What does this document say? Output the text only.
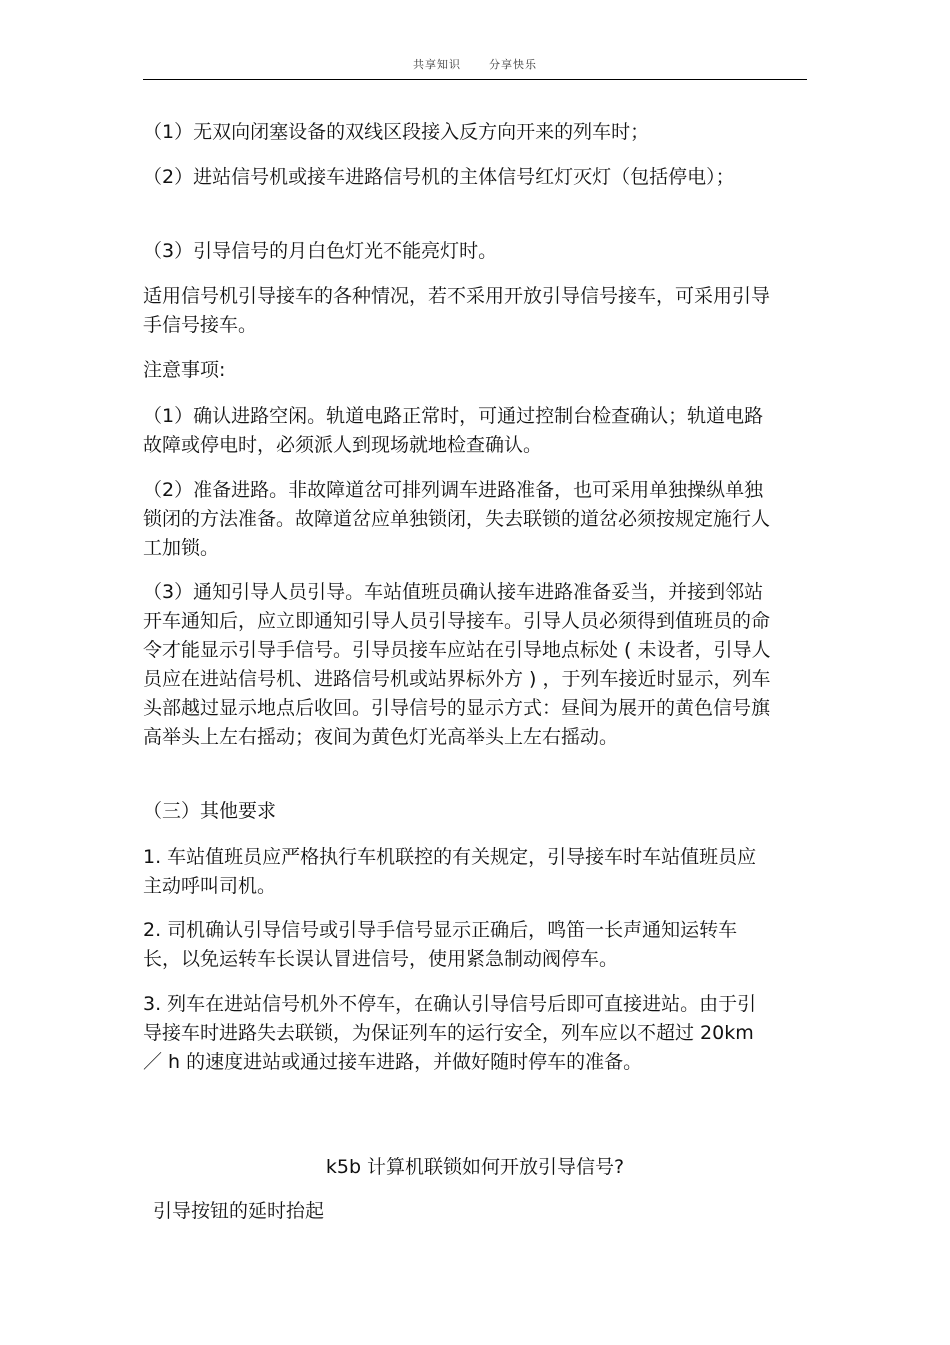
共享知识	分享快乐

（1）无双向闭塞设备的双线区段接入反方向开来的列车时；

（2）进站信号机或接车进路信号机的主体信号红灯灭灯（包括停电）；

（3）引导信号的月白色灯光不能亮灯时。

适用信号机引导接车的各种情况，若不采用开放引导信号接车，可采用引导手信号接车。

注意事项:

（1）确认进路空闲。轨道电路正常时，可通过控制台检查确认；轨道电路故障或停电时，必须派人到现场就地检查确认。

（2）准备进路。非故障道岔可排列调车进路准备，也可采用单独操纵单独锁闭的方法准备。故障道岔应单独锁闭，失去联锁的道岔必须按规定施行人工加锁。

（3）通知引导人员引导。车站值班员确认接车进路准备妥当，并接到邻站开车通知后，应立即通知引导人员引导接车。引导人员必须得到值班员的命令才能显示引导手信号。引导员接车应站在引导地点标处 ( 未设者，引导人员应在进站信号机、进路信号机或站界标外方 ) ，于列车接近时显示，列车头部越过显示地点后收回。引导信号的显示方式：昼间为展开的黄色信号旗高举头上左右摇动；夜间为黄色灯光高举头上左右摇动。

（三）其他要求

1. 车站值班员应严格执行车机联控的有关规定，引导接车时车站值班员应主动呼叫司机。

2. 司机确认引导信号或引导手信号显示正确后，鸣笛一长声通知运转车长，以免运转车长误认冒进信号，使用紧急制动阀停车。

3. 列车在进站信号机外不停车，在确认引导信号后即可直接进站。由于引导接车时进路失去联锁，为保证列车的运行安全，列车应以不超过 20km ／ h 的速度进站或通过接车进路，并做好随时停车的准备。

k5b 计算机联锁如何开放引导信号?

引导按钮的延时抬起
